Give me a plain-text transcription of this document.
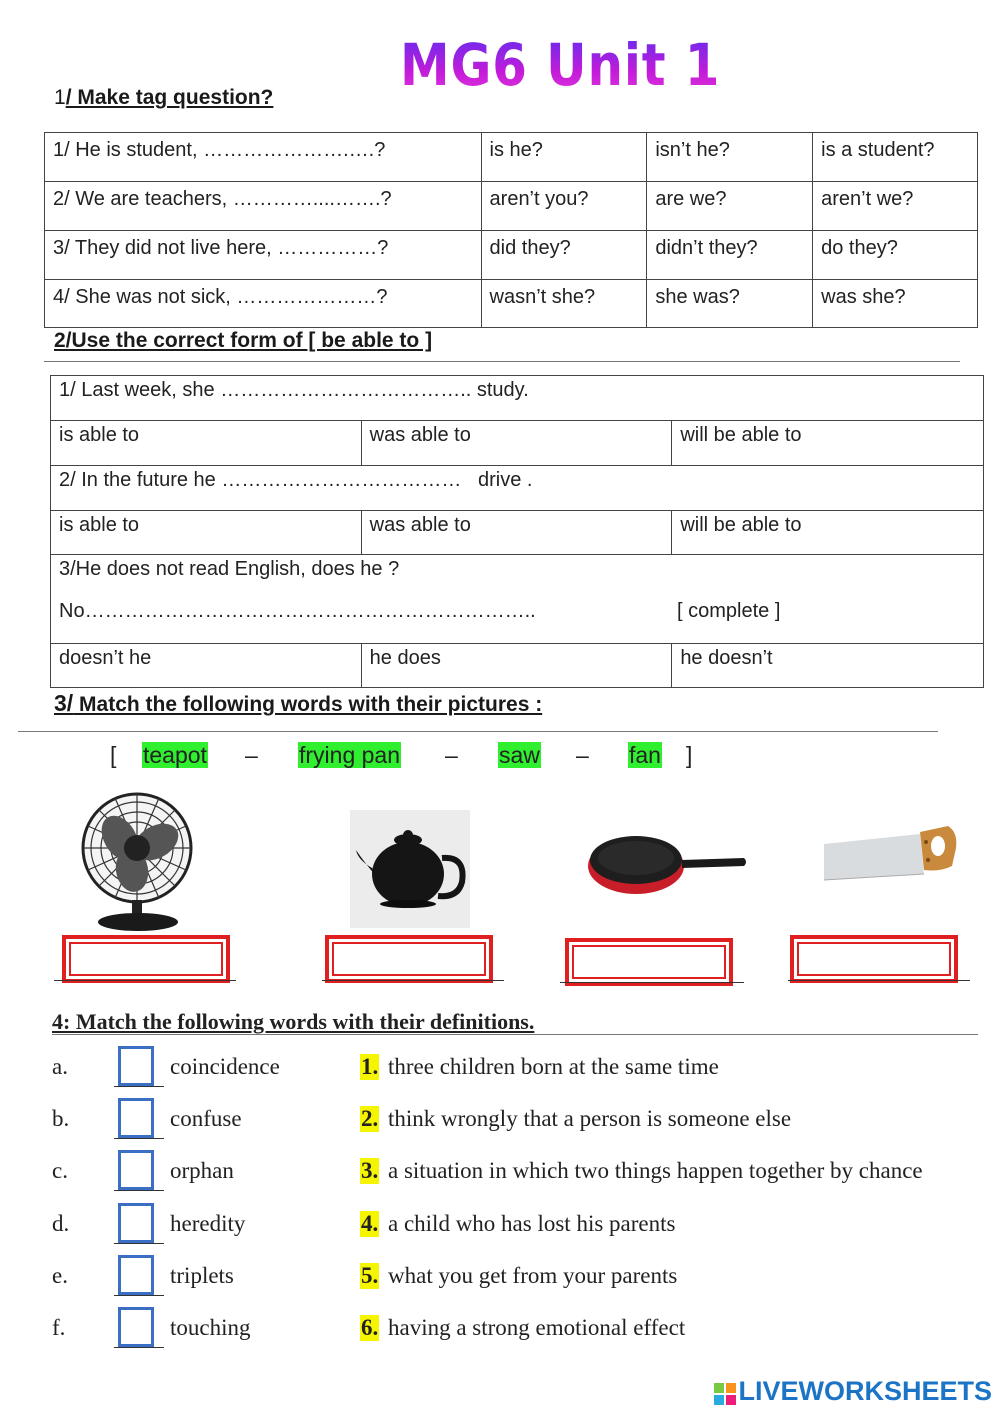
MG6 Unit 1
1/ Make tag question?
1/ He is student, ………………….….?	is he?	isn’t he?	is a student?

2/ We are teachers, …………....…….?	aren’t you?	are we?	aren’t we?

3/ They did not live here, ……………?	did they?	didn’t they?	do they?

4/ She was not sick, …………………?	wasn’t she?	she was?	was she?
2/Use the correct form of [ be able to ]
1/ Last week, she ……………………………….. study.		

is able to	was able to	will be able to

2/ In the future he ………………………………   drive .		

is able to	was able to	will be able to

3/He does not read English, does he ?
No………………………………………………………….. [ complete ]		

doesn’t he	he does	he doesn’t
3/ Match the following words with their pictures :
[ teapot – frying pan – saw – fan ]
4: Match the following words with their definitions.
a.	coincidence	1. three children born at the same time
b.	confuse	2. think wrongly that a person is someone else
c.	orphan	3. a situation in which two things happen together by chance
d.	heredity	4. a child who has lost his parents
e.	triplets	5. what you get from your parents
f.	touching	6. having a strong emotional effect
LIVEWORKSHEETS
